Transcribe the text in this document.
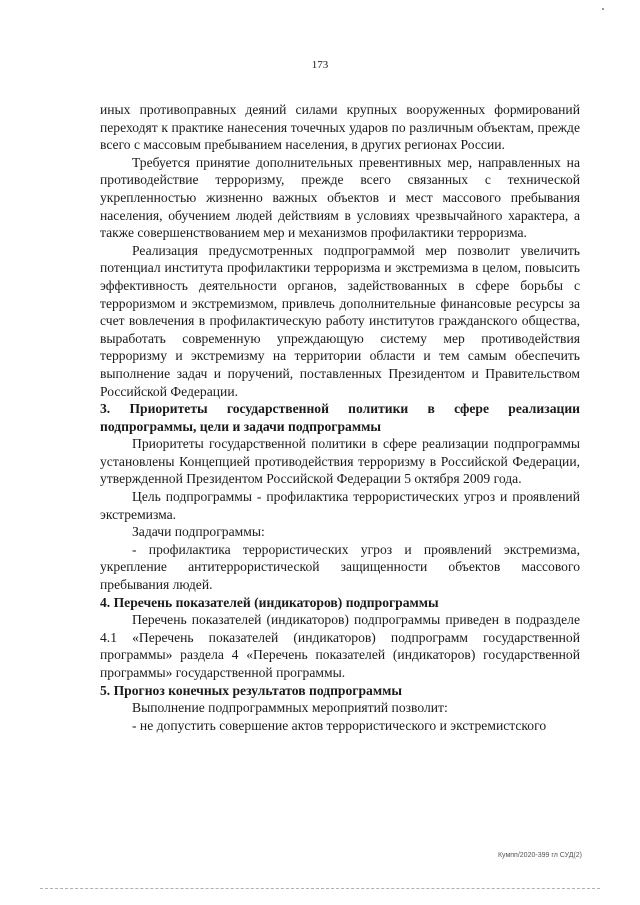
173

иных противоправных деяний силами крупных вооруженных формирований переходят к практике нанесения точечных ударов по различным объектам, прежде всего с массовым пребыванием населения, в других регионах России.

Требуется принятие дополнительных превентивных мер, направленных на противодействие терроризму, прежде всего связанных с технической укрепленностью жизненно важных объектов и мест массового пребывания населения, обучением людей действиям в условиях чрезвычайного характера, а также совершенствованием мер и механизмов профилактики терроризма.

Реализация предусмотренных подпрограммой мер позволит увеличить потенциал института профилактики терроризма и экстремизма в целом, повысить эффективность деятельности органов, задействованных в сфере борьбы с терроризмом и экстремизмом, привлечь дополнительные финансовые ресурсы за счет вовлечения в профилактическую работу институтов гражданского общества, выработать современную упреждающую систему мер противодействия терроризму и экстремизму на территории области и тем самым обеспечить выполнение задач и поручений, поставленных Президентом и Правительством Российской Федерации.

3. Приоритеты государственной политики в сфере реализации подпрограммы, цели и задачи подпрограммы

Приоритеты государственной политики в сфере реализации подпрограммы установлены Концепцией противодействия терроризму в Российской Федерации, утвержденной Президентом Российской Федерации 5 октября 2009 года.

Цель подпрограммы - профилактика террористических угроз и проявлений экстремизма.

Задачи подпрограммы:

- профилактика террористических угроз и проявлений экстремизма, укрепление антитеррористической защищенности объектов массового пребывания людей.

4. Перечень показателей (индикаторов) подпрограммы

Перечень показателей (индикаторов) подпрограммы приведен в подразделе 4.1 «Перечень показателей (индикаторов) подпрограмм государственной программы» раздела 4 «Перечень показателей (индикаторов) государственной программы» государственной программы.

5. Прогноз конечных результатов подпрограммы

Выполнение подпрограммных мероприятий позволит:

- не допустить совершение актов террористического и экстремистского

Кумпп/2020-399 гл СУД(2)
